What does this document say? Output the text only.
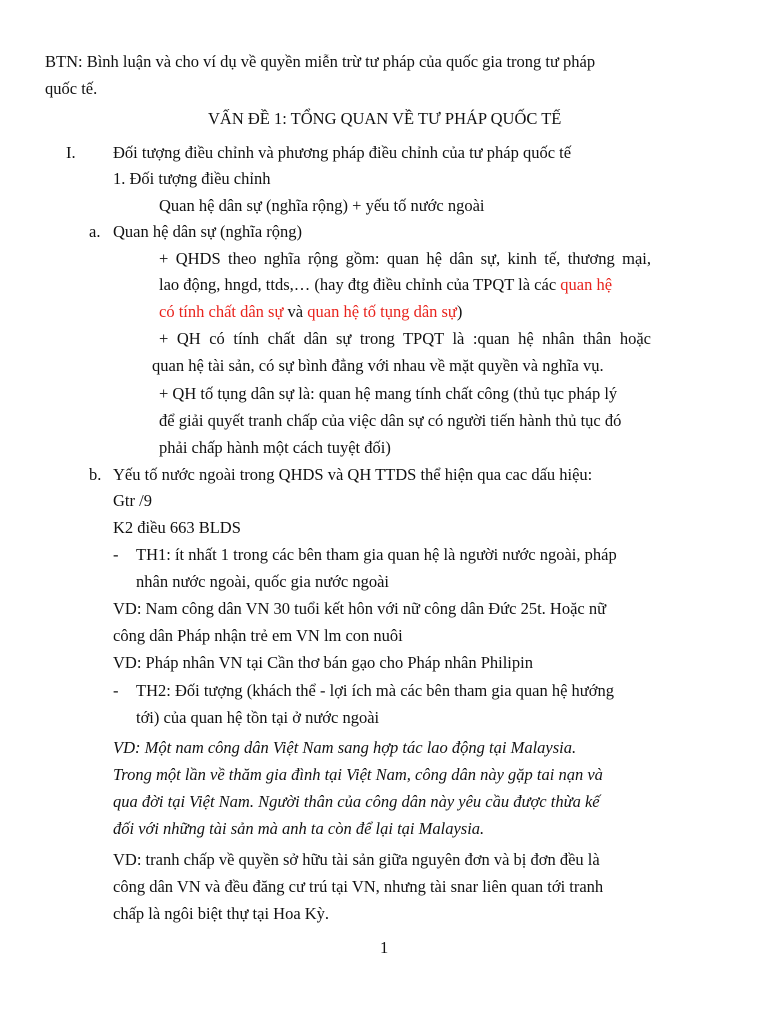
BTN: Bình luận và cho ví dụ về quyền miễn trừ tư pháp của quốc gia trong tư pháp
quốc tế.
VẤN ĐỀ 1: TỔNG QUAN VỀ TƯ PHÁP QUỐC TẾ
I. Đối tượng điều chỉnh và phương pháp điều chỉnh của tư pháp quốc tế
1. Đối tượng điều chỉnh
Quan hệ dân sự (nghĩa rộng) + yếu tố nước ngoài
a. Quan hệ dân sự (nghĩa rộng)
+ QHDS theo nghĩa rộng gồm: quan hệ dân sự, kinh tế, thương mại,
lao động, hngd, ttds,… (hay đtg điều chỉnh của TPQT là các quan hệ
có tính chất dân sự và quan hệ tố tụng dân sự)
+ QH có tính chất dân sự trong TPQT là :quan hệ nhân thân hoặc
quan hệ tài sản, có sự bình đẳng với nhau về mặt quyền và nghĩa vụ.
+ QH tố tụng dân sự là: quan hệ mang tính chất công (thủ tục pháp lý
để giải quyết tranh chấp của việc dân sự có người tiến hành thủ tục đó
phải chấp hành một cách tuyệt đối)
b. Yếu tố nước ngoài trong QHDS và QH TTDS thể hiện qua cac dấu hiệu:
Gtr /9
K2 điều 663 BLDS
- TH1: ít nhất 1 trong các bên tham gia quan hệ là người nước ngoài, pháp
nhân nước ngoài, quốc gia nước ngoài
VD: Nam công dân VN 30 tuổi kết hôn với nữ công dân Đức 25t. Hoặc nữ
công dân Pháp nhận trẻ em VN lm con nuôi
VD: Pháp nhân VN tại Cần thơ bán gạo cho Pháp nhân Philipin
- TH2: Đối tượng (khách thể - lợi ích mà các bên tham gia quan hệ hướng
tới) của quan hệ tồn tại ở nước ngoài
VD: Một nam công dân Việt Nam sang hợp tác lao động tại Malaysia.
Trong một lần về thăm gia đình tại Việt Nam, công dân này gặp tai nạn và
qua đời tại Việt Nam. Người thân của công dân này yêu cầu được thừa kế
đối với những tài sản mà anh ta còn để lại tại Malaysia.
VD: tranh chấp về quyền sở hữu tài sản giữa nguyên đơn và bị đơn đều là
công dân VN và đều đăng cư trú tại VN, nhưng tài snar liên quan tới tranh
chấp là ngôi biệt thự tại Hoa Kỳ.
1
